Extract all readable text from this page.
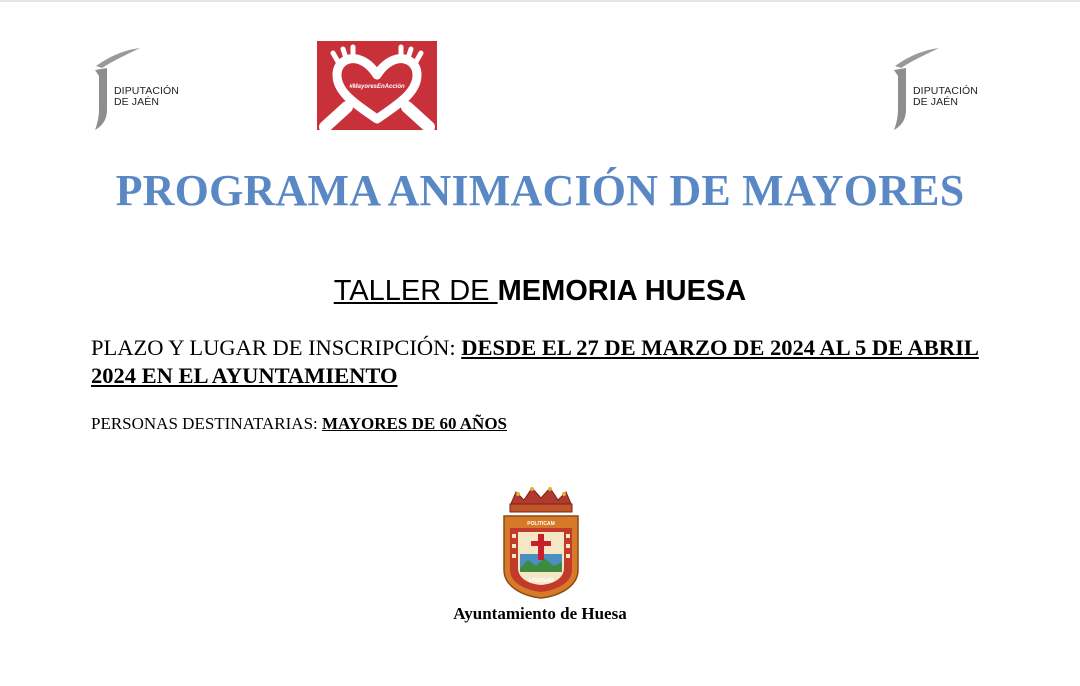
DIPUTACIÓN
DE JAÉN
#MayoresEnAcción	DIPUTACIÓN
DE JAÉN
PROGRAMA ANIMACIÓN DE MAYORES
TALLER DE MEMORIA HUESA
PLAZO Y LUGAR DE INSCRIPCIÓN: DESDE EL 27 DE MARZO DE 2024 AL 5 DE ABRIL 2024 EN EL AYUNTAMIENTO
PERSONAS DESTINATARIAS: MAYORES DE 60 AÑOS
POLITICAM
ETERNAM
Ayuntamiento de Huesa
